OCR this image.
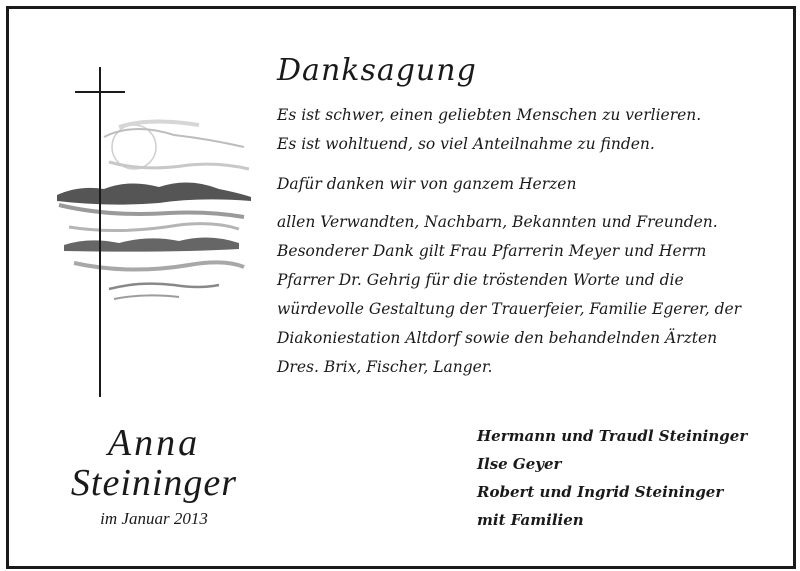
Danksagung
Es ist schwer, einen geliebten Menschen zu verlieren.
Es ist wohltuend, so viel Anteilnahme zu finden.
Dafür danken wir von ganzem Herzen
allen Verwandten, Nachbarn, Bekannten und Freunden.
Besonderer Dank gilt Frau Pfarrerin Meyer und Herrn
Pfarrer Dr. Gehrig für die tröstenden Worte und die
würdevolle Gestaltung der Trauerfeier, Familie Egerer, der
Diakoniestation Altdorf sowie den behandelnden Ärzten
Dres. Brix, Fischer, Langer.
Anna
Steininger
im Januar 2013
Hermann und Traudl Steininger
Ilse Geyer
Robert und Ingrid Steininger
mit Familien
